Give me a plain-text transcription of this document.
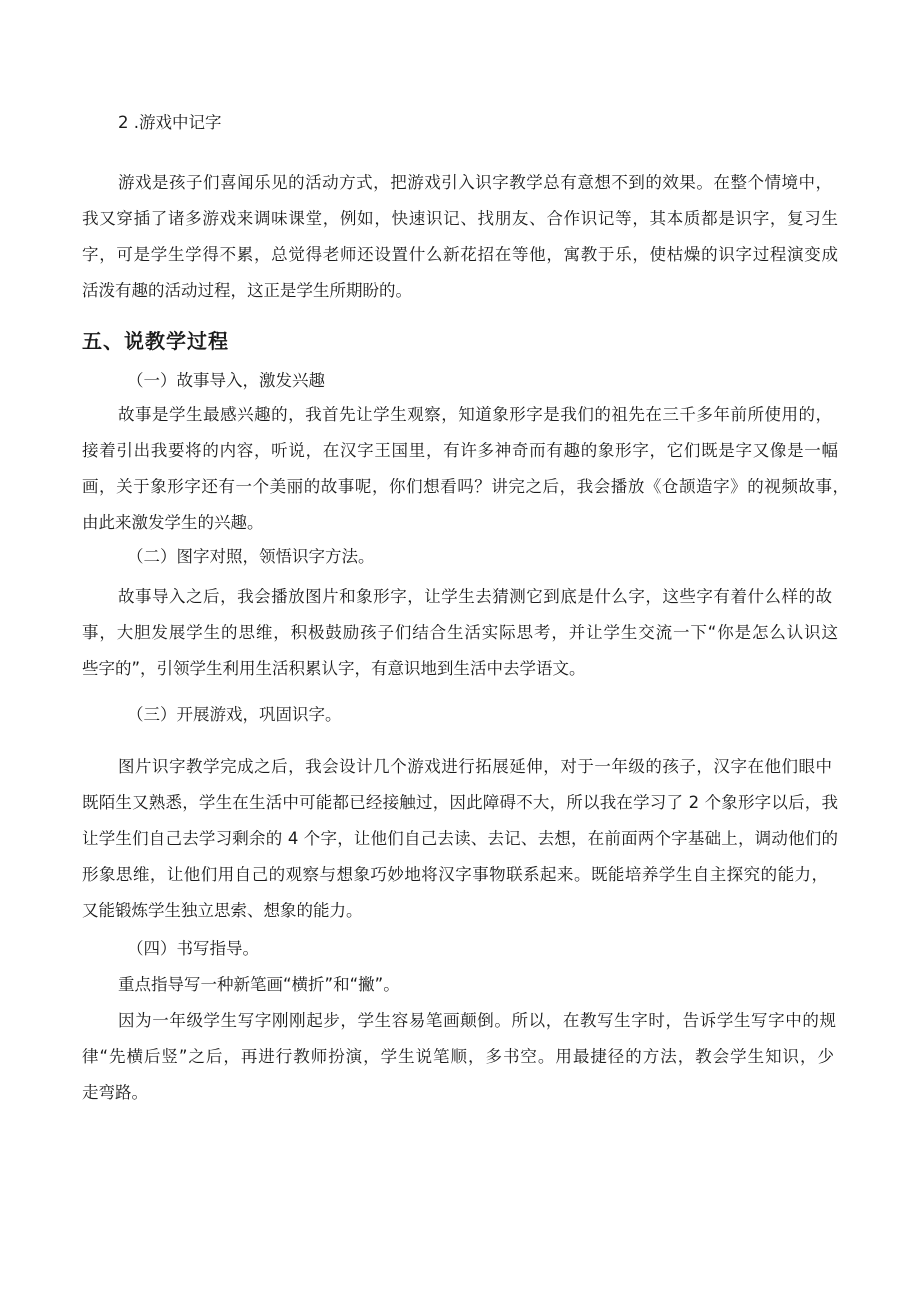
2 .游戏中记字
游戏是孩子们喜闻乐见的活动方式，把游戏引入识字教学总有意想不到的效果。在整个情境中，
我又穿插了诸多游戏来调味课堂，例如，快速识记、找朋友、合作识记等，其本质都是识字，复习生
字，可是学生学得不累，总觉得老师还设置什么新花招在等他，寓教于乐，使枯燥的识字过程演变成
活泼有趣的活动过程，这正是学生所期盼的。
五、说教学过程
（一）故事导入，激发兴趣
故事是学生最感兴趣的，我首先让学生观察，知道象形字是我们的祖先在三千多年前所使用的，
接着引出我要将的内容，听说，在汉字王国里，有许多神奇而有趣的象形字，它们既是字又像是一幅
画，关于象形字还有一个美丽的故事呢，你们想看吗？讲完之后，我会播放《仓颉造字》的视频故事，
由此来激发学生的兴趣。
（二）图字对照，领悟识字方法。
故事导入之后，我会播放图片和象形字，让学生去猜测它到底是什么字，这些字有着什么样的故
事，大胆发展学生的思维，积极鼓励孩子们结合生活实际思考，并让学生交流一下“你是怎么认识这
些字的”，引领学生利用生活积累认字，有意识地到生活中去学语文。
（三）开展游戏，巩固识字。
图片识字教学完成之后，我会设计几个游戏进行拓展延伸，对于一年级的孩子，汉字在他们眼中
既陌生又熟悉，学生在生活中可能都已经接触过，因此障碍不大，所以我在学习了 2 个象形字以后，我
让学生们自己去学习剩余的 4 个字，让他们自己去读、去记、去想，在前面两个字基础上，调动他们的
形象思维，让他们用自己的观察与想象巧妙地将汉字事物联系起来。既能培养学生自主探究的能力，
又能锻炼学生独立思索、想象的能力。
（四）书写指导。
重点指导写一种新笔画“横折”和“撇”。
因为一年级学生写字刚刚起步，学生容易笔画颠倒。所以，在教写生字时，告诉学生写字中的规
律“先横后竖”之后，再进行教师扮演，学生说笔顺，多书空。用最捷径的方法，教会学生知识，少
走弯路。
